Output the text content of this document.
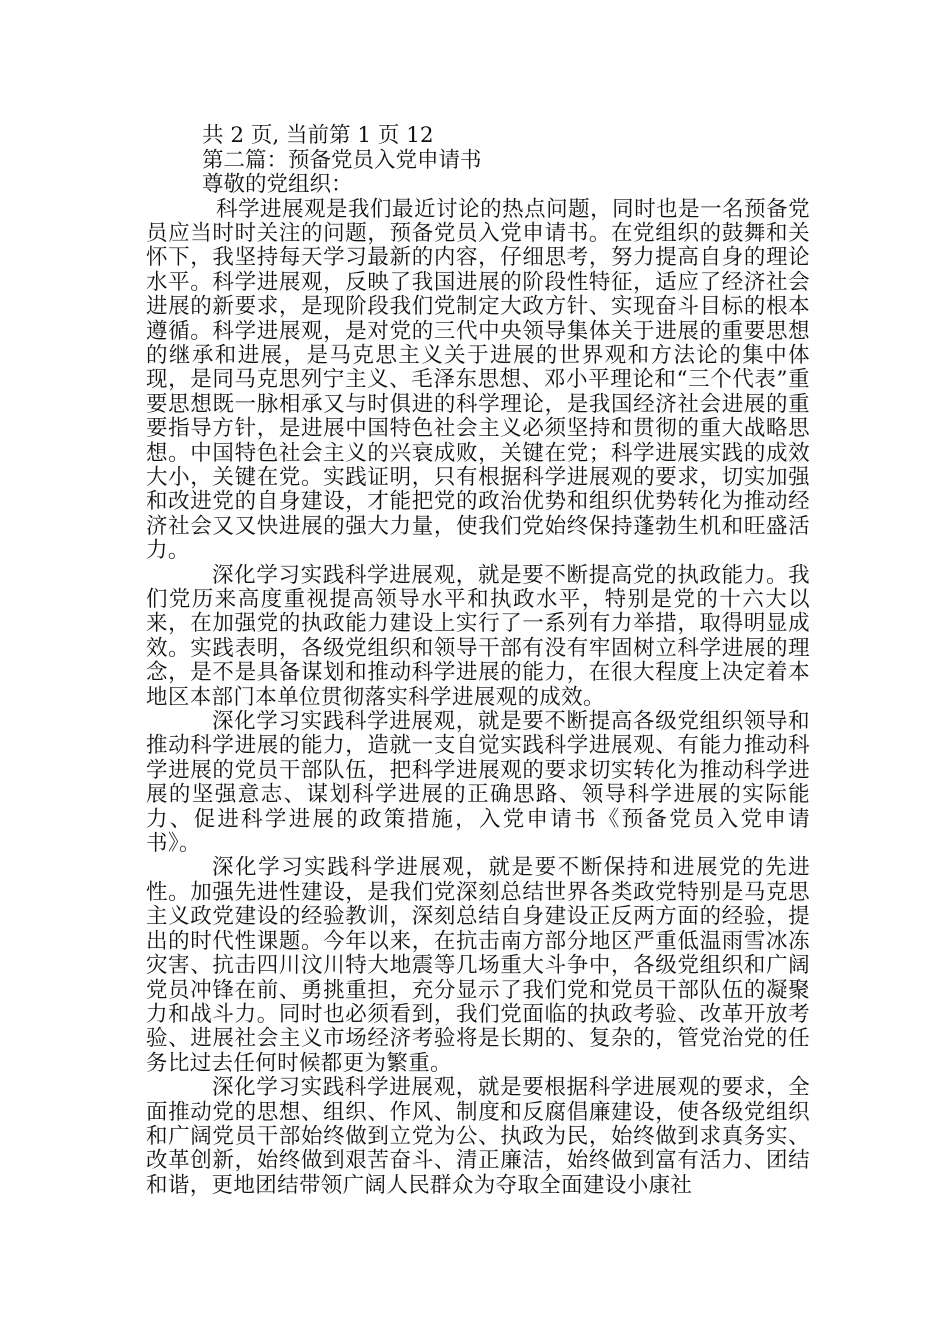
共 2 页, 当前第 1 页 12
第二篇：预备党员入党申请书
尊敬的党组织：

科学进展观是我们最近讨论的热点问题，同时也是一名预备党员应当时时关注的问题，预备党员入党申请书。在党组织的鼓舞和关怀下，我坚持每天学习最新的内容，仔细思考，努力提高自身的理论水平。科学进展观，反映了我国进展的阶段性特征，适应了经济社会进展的新要求，是现阶段我们党制定大政方针、实现奋斗目标的根本遵循。科学进展观，是对党的三代中央领导集体关于进展的重要思想的继承和进展，是马克思主义关于进展的世界观和方法论的集中体现，是同马克思列宁主义、毛泽东思想、邓小平理论和“三个代表”重要思想既一脉相承又与时俱进的科学理论，是我国经济社会进展的重要指导方针，是进展中国特色社会主义必须坚持和贯彻的重大战略思想。中国特色社会主义的兴衰成败，关键在党；科学进展实践的成效大小，关键在党。实践证明，只有根据科学进展观的要求，切实加强和改进党的自身建设，才能把党的政治优势和组织优势转化为推动经济社会又又快进展的强大力量，使我们党始终保持蓬勃生机和旺盛活力。

深化学习实践科学进展观，就是要不断提高党的执政能力。我们党历来高度重视提高领导水平和执政水平，特别是党的十六大以来，在加强党的执政能力建设上实行了一系列有力举措，取得明显成效。实践表明，各级党组织和领导干部有没有牢固树立科学进展的理念，是不是具备谋划和推动科学进展的能力，在很大程度上决定着本地区本部门本单位贯彻落实科学进展观的成效。

深化学习实践科学进展观，就是要不断提高各级党组织领导和推动科学进展的能力，造就一支自觉实践科学进展观、有能力推动科学进展的党员干部队伍，把科学进展观的要求切实转化为推动科学进展的坚强意志、谋划科学进展的正确思路、领导科学进展的实际能力、促进科学进展的政策措施，入党申请书《预备党员入党申请书》。

深化学习实践科学进展观，就是要不断保持和进展党的先进性。加强先进性建设，是我们党深刻总结世界各类政党特别是马克思主义政党建设的经验教训，深刻总结自身建设正反两方面的经验，提出的时代性课题。今年以来，在抗击南方部分地区严重低温雨雪冰冻灾害、抗击四川汶川特大地震等几场重大斗争中，各级党组织和广阔党员冲锋在前、勇挑重担，充分显示了我们党和党员干部队伍的凝聚力和战斗力。同时也必须看到，我们党面临的执政考验、改革开放考验、进展社会主义市场经济考验将是长期的、复杂的，管党治党的任务比过去任何时候都更为繁重。

深化学习实践科学进展观，就是要根据科学进展观的要求，全面推动党的思想、组织、作风、制度和反腐倡廉建设，使各级党组织和广阔党员干部始终做到立党为公、执政为民，始终做到求真务实、改革创新，始终做到艰苦奋斗、清正廉洁，始终做到富有活力、团结和谐，更地团结带领广阔人民群众为夺取全面建设小康社
